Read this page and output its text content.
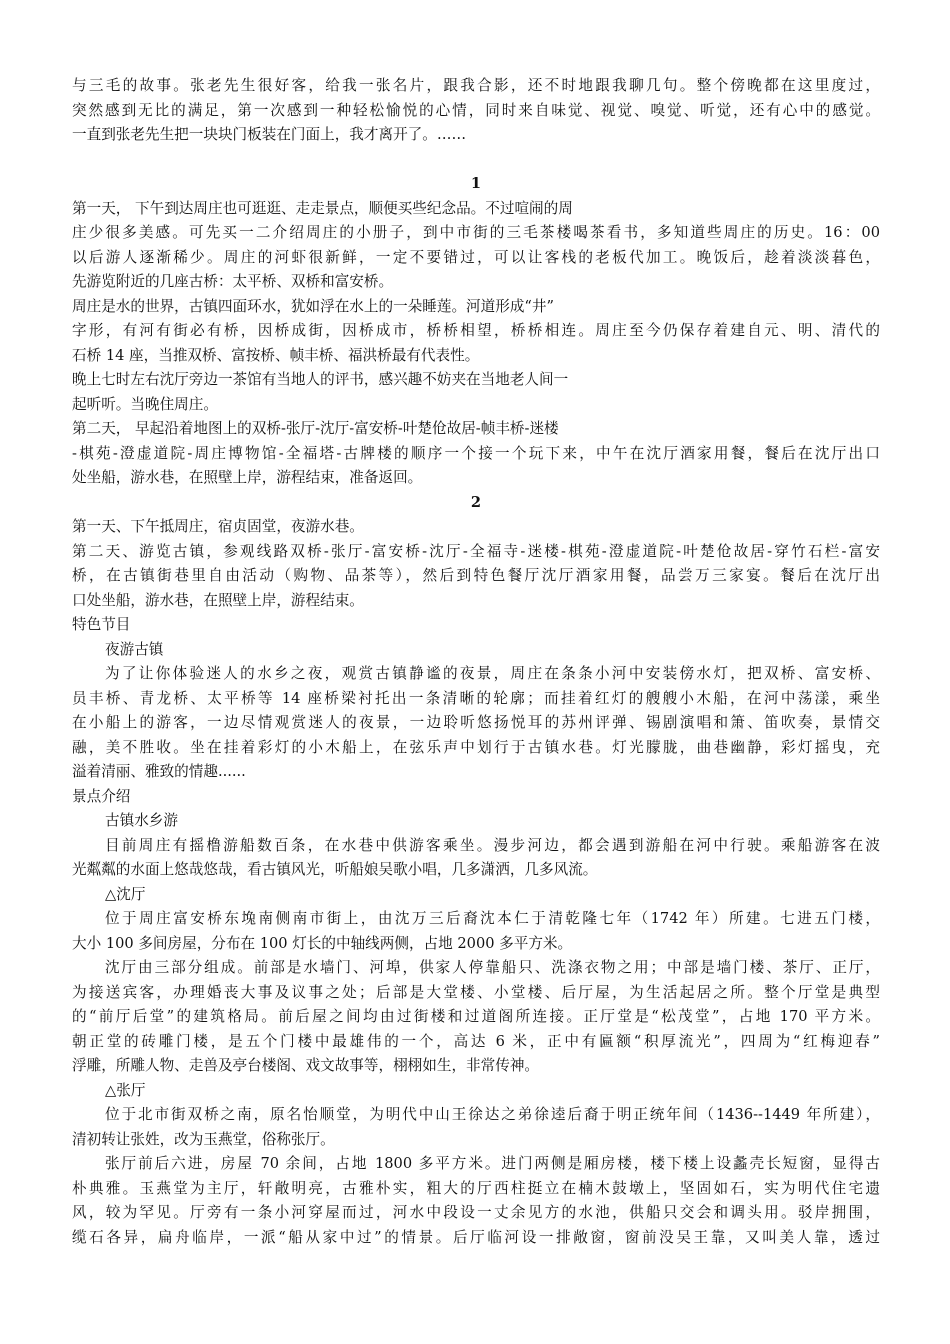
与三毛的故事。张老先生很好客，给我一张名片，跟我合影，还不时地跟我聊几句。整个傍晚都在这里度过，
突然感到无比的满足，第一次感到一种轻松愉悦的心情，同时来自味觉、视觉、嗅觉、听觉，还有心中的感觉。
一直到张老先生把一块块门板装在门面上，我才离开了。……
1
第一天， 下午到达周庄也可逛逛、走走景点，顺便买些纪念品。不过喧闹的周
庄少很多美感。可先买一二介绍周庄的小册子，到中市街的三毛茶楼喝茶看书，多知道些周庄的历史。16：00
以后游人逐渐稀少。周庄的河虾很新鲜，一定不要错过，可以让客栈的老板代加工。晚饭后，趁着淡淡暮色，
先游览附近的几座古桥：太平桥、双桥和富安桥。
周庄是水的世界，古镇四面环水，犹如浮在水上的一朵睡莲。河道形成“井”
字形，有河有街必有桥，因桥成街，因桥成市，桥桥相望，桥桥相连。周庄至今仍保存着建自元、明、清代的
石桥 14 座，当推双桥、富按桥、帧丰桥、福洪桥最有代表性。
晚上七时左右沈厅旁边一茶馆有当地人的评书，感兴趣不妨夹在当地老人间一
起听听。当晚住周庄。
第二天， 早起沿着地图上的双桥-张厅-沈厅-富安桥-叶楚伧故居-帧丰桥-迷楼
-棋苑-澄虚道院-周庄博物馆-全福塔-古牌楼的顺序一个接一个玩下来，中午在沈厅酒家用餐，餐后在沈厅出口
处坐船，游水巷，在照壁上岸，游程结束，准备返回。
2
第一天、下午抵周庄，宿贞固堂，夜游水巷。
第二天、游览古镇，参观线路双桥-张厅-富安桥-沈厅-全福寺-迷楼-棋苑-澄虚道院-叶楚伧故居-穿竹石栏-富安
桥，在古镇街巷里自由活动（购物、品茶等），然后到特色餐厅沈厅酒家用餐，品尝万三家宴。餐后在沈厅出
口处坐船，游水巷，在照壁上岸，游程结束。
特色节目
夜游古镇
为了让你体验迷人的水乡之夜，观赏古镇静谧的夜景，周庄在条条小河中安装傍水灯，把双桥、富安桥、
员丰桥、青龙桥、太平桥等 14 座桥梁衬托出一条清晰的轮廓；而挂着红灯的艘艘小木船，在河中荡漾，乘坐
在小船上的游客，一边尽情观赏迷人的夜景，一边聆听悠扬悦耳的苏州评弹、锡剧演唱和箫、笛吹奏，景情交
融，美不胜收。坐在挂着彩灯的小木船上，在弦乐声中划行于古镇水巷。灯光朦胧，曲巷幽静，彩灯摇曳，充
溢着清丽、雅致的情趣......
景点介绍
古镇水乡游
目前周庄有摇橹游船数百条，在水巷中供游客乘坐。漫步河边，都会遇到游船在河中行驶。乘船游客在波
光粼粼的水面上悠哉悠哉，看古镇风光，听船娘吴歌小唱，几多潇洒，几多风流。
△沈厅
位于周庄富安桥东堍南侧南市街上，由沈万三后裔沈本仁于清乾隆七年（1742 年）所建。七进五门楼，
大小 100 多间房屋，分布在 100 灯长的中轴线两侧，占地 2000 多平方米。
沈厅由三部分组成。前部是水墙门、河埠，供家人停靠船只、洗涤衣物之用；中部是墙门楼、茶厅、正厅，
为接送宾客，办理婚丧大事及议事之处；后部是大堂楼、小堂楼、后厅屋，为生活起居之所。整个厅堂是典型
的“前厅后堂”的建筑格局。前后屋之间均由过街楼和过道阁所连接。正厅堂是“松茂堂”，占地 170 平方米。
朝正堂的砖雕门楼，是五个门楼中最雄伟的一个，高达 6 米，正中有匾额“积厚流光”，四周为“红梅迎春”
浮雕，所雕人物、走兽及亭台楼阁、戏文故事等，栩栩如生，非常传神。
△张厅
位于北市街双桥之南，原名怡顺堂，为明代中山王徐达之弟徐逵后裔于明正统年间（1436--1449 年所建），
清初转让张姓，改为玉燕堂，俗称张厅。
张厅前后六进，房屋 70 余间，占地 1800 多平方米。进门两侧是厢房楼，楼下楼上设蠡壳长短窗，显得古
朴典雅。玉燕堂为主厅，轩敞明亮，古雅朴实，粗大的厅西柱挺立在楠木鼓墩上，坚固如石，实为明代住宅遗
风，较为罕见。厅旁有一条小河穿屋而过，河水中段设一丈余见方的水池，供船只交会和调头用。驳岸拥围，
缆石各异，扁舟临岸，一派“船从家中过”的情景。后厅临河设一排敞窗，窗前没吴王靠，又叫美人靠，透过
